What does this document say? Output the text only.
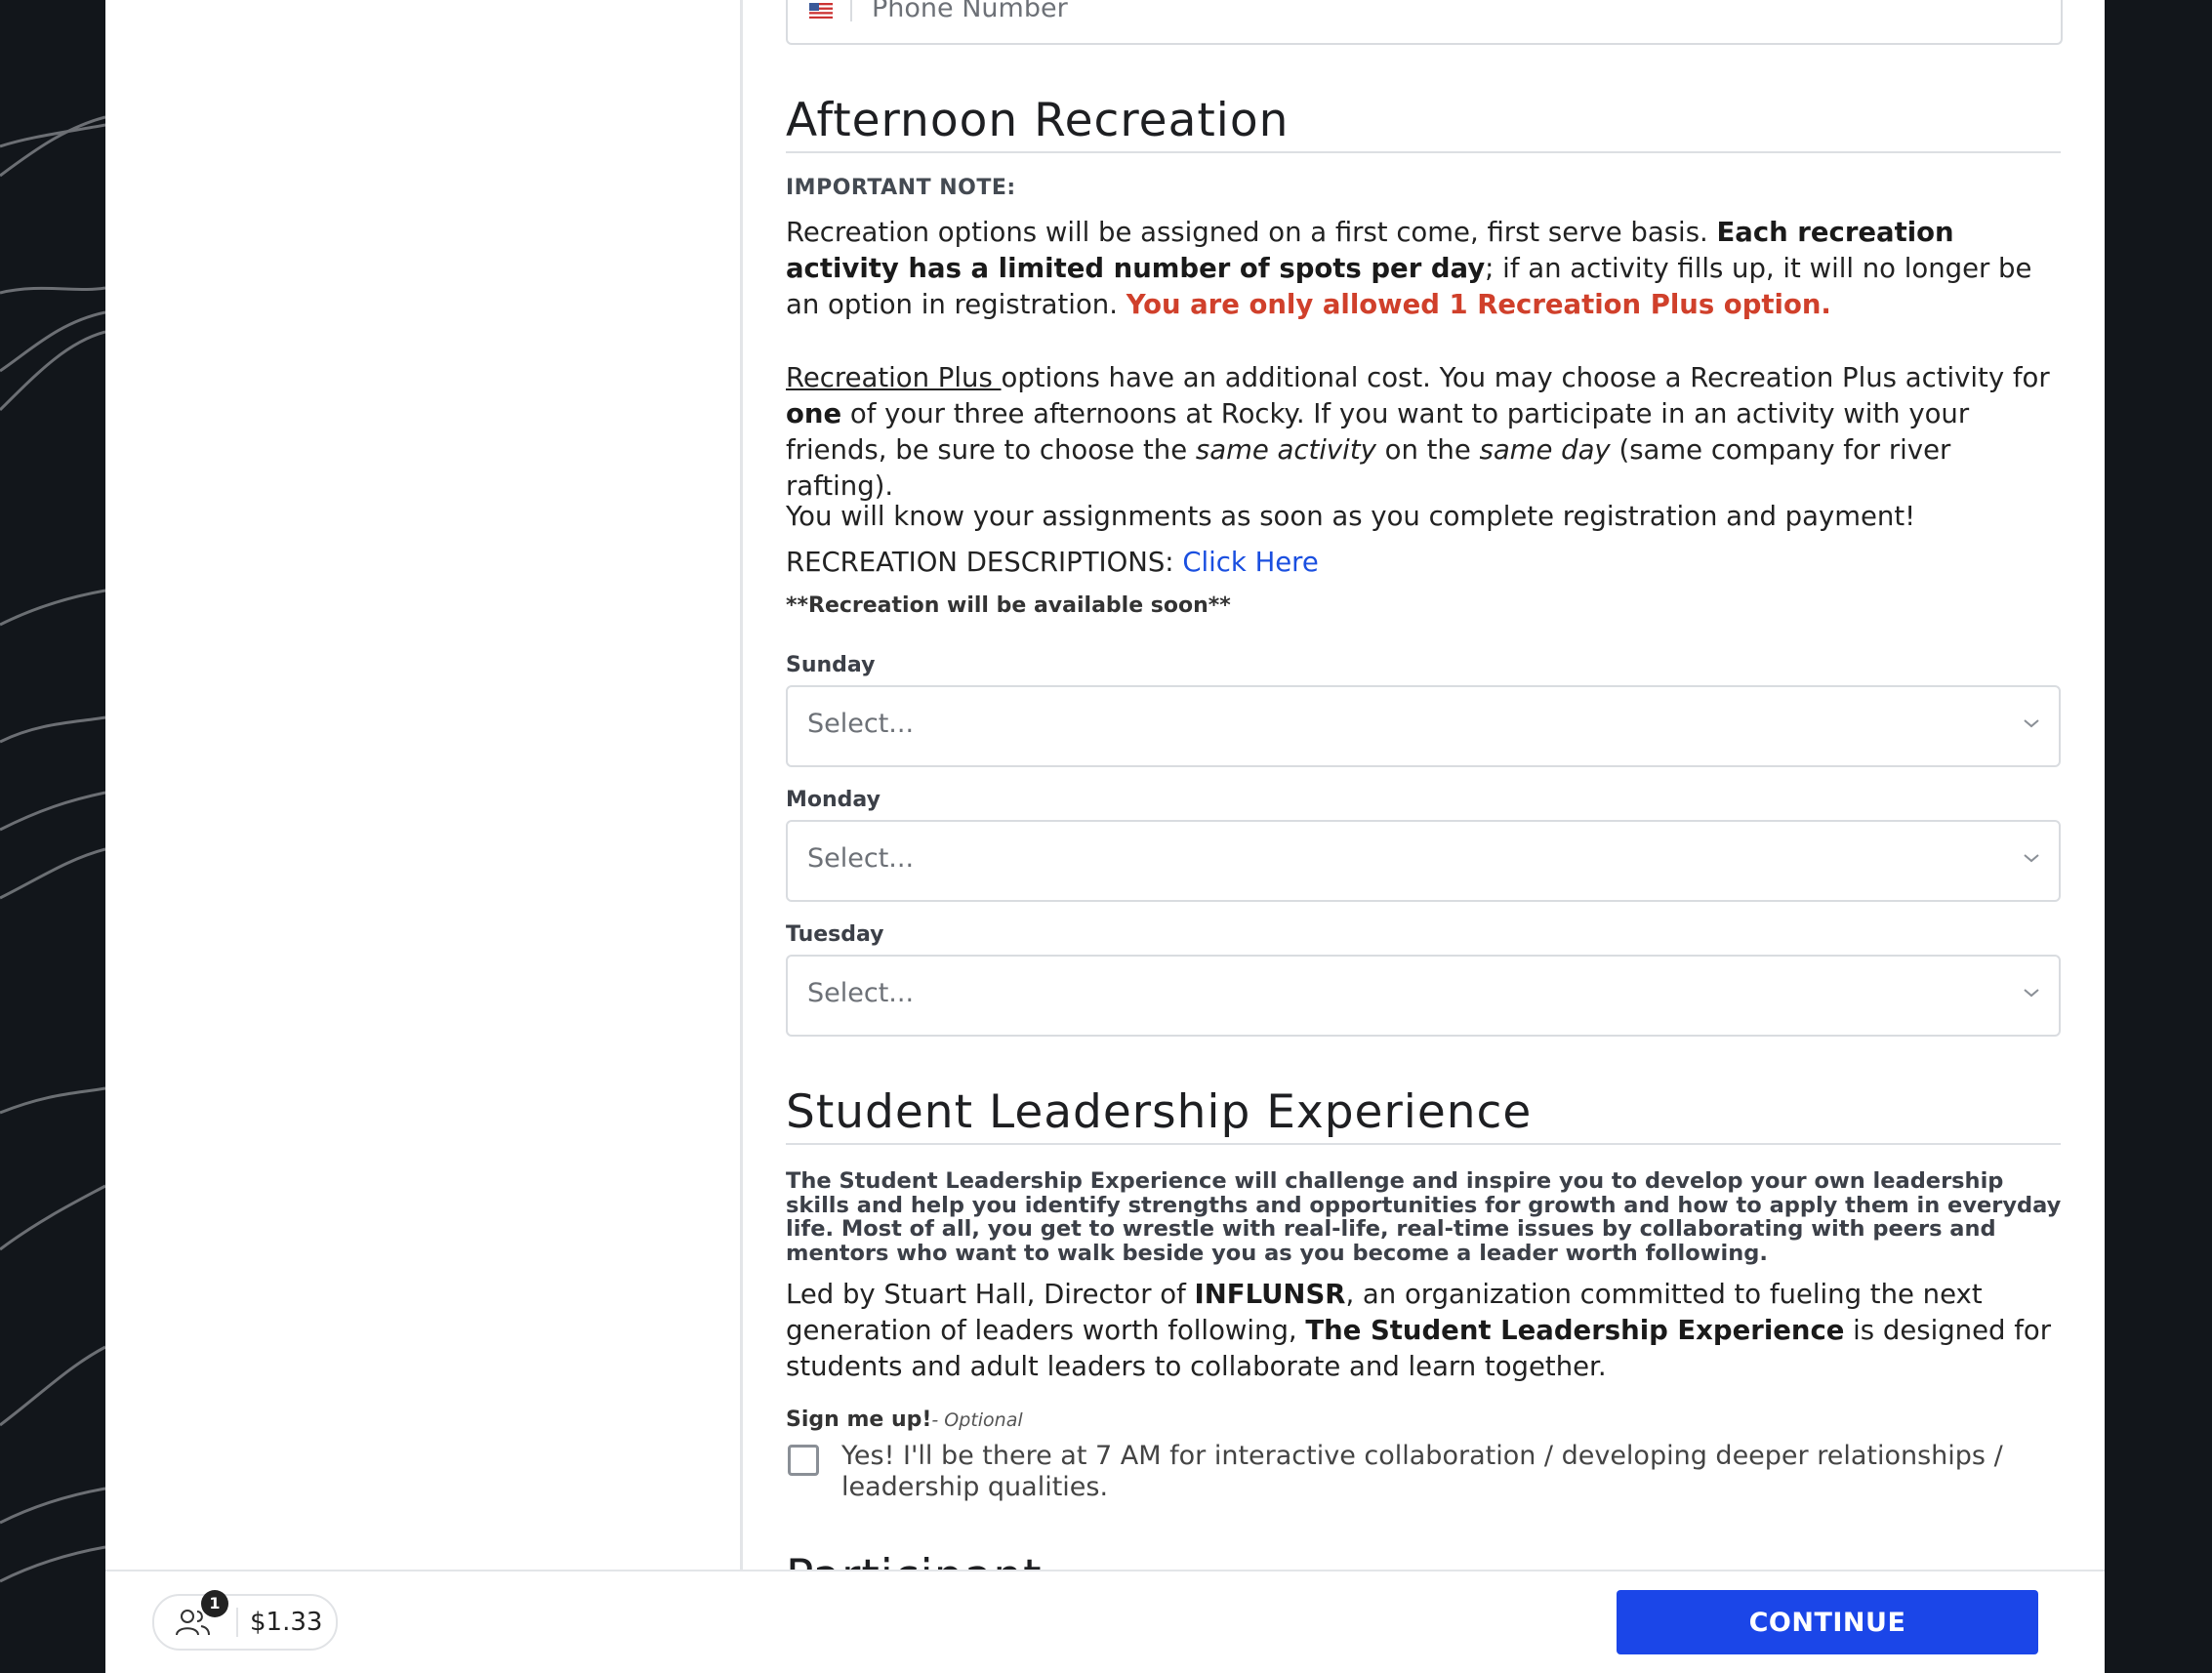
Phone Number
Afternoon Recreation
IMPORTANT NOTE:
Recreation options will be assigned on a first come, first serve basis. Each recreation activity has a limited number of spots per day; if an activity fills up, it will no longer be an option in registration. You are only allowed 1 Recreation Plus option.
Recreation Plus options have an additional cost. You may choose a Recreation Plus activity for one of your three afternoons at Rocky. If you want to participate in an activity with your friends, be sure to choose the same activity on the same day (same company for river rafting).
You will know your assignments as soon as you complete registration and payment!
RECREATION DESCRIPTIONS: Click Here
**Recreation will be available soon**
Sunday
Select...
Monday
Select...
Tuesday
Select...
Student Leadership Experience

The Student Leadership Experience will challenge and inspire you to develop your own leadership skills and help you identify strengths and opportunities for growth and how to apply them in everyday life. Most of all, you get to wrestle with real-life, real-time issues by collaborating with peers and mentors who want to walk beside you as you become a leader worth following.

Led by Stuart Hall, Director of INFLUNSR, an organization committed to fueling the next generation of leaders worth following, The Student Leadership Experience is designed for students and adult leaders to collaborate and learn together.
Sign me up!- Optional
Yes! I'll be there at 7 AM for interactive collaboration / developing deeper relationships / leadership qualities.
1
$1.33	CONTINUE
